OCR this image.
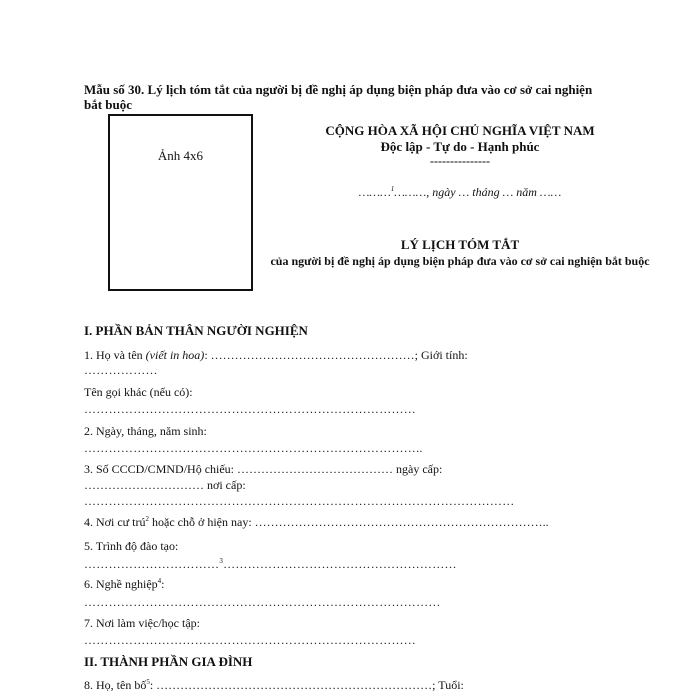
Mẫu số 30. Lý lịch tóm tắt của người bị đề nghị áp dụng biện pháp đưa vào cơ sở cai nghiện bắt buộc
Ảnh 4x6
CỘNG HÒA XÃ HỘI CHỦ NGHĨA VIỆT NAM
Độc lập - Tự do - Hạnh phúc
---------------
………$^1$………, ngày … tháng … năm ……
LÝ LỊCH TÓM TẮT
của người bị đề nghị áp dụng biện pháp đưa vào cơ sở cai nghiện bắt buộc
I. PHẦN BẢN THÂN NGƯỜI NGHIỆN
1. Họ và tên (viết in hoa): ……………………………………………; Giới tính:
………………
Tên gọi khác (nếu có):
………………………………………………………………………
2. Ngày, tháng, năm sinh:
………………………………………………………………………..
3. Số CCCD/CMND/Hộ chiếu: ………………………………… ngày cấp:
………………………… nơi cấp:
……………………………………………………………………………………………
4. Nơi cư trú$^2$ hoặc chỗ ở hiện nay: ………………………………………………………………..
5. Trình độ đào tạo:
……………………………$^3$…………………………………………………
6. Nghề nghiệp$^4$:
……………………………………………………………………………
7. Nơi làm việc/học tập:
………………………………………………………………………
II. THÀNH PHẦN GIA ĐÌNH
8. Họ, tên bố$^5$: ……………………………………………………………; Tuổi:
